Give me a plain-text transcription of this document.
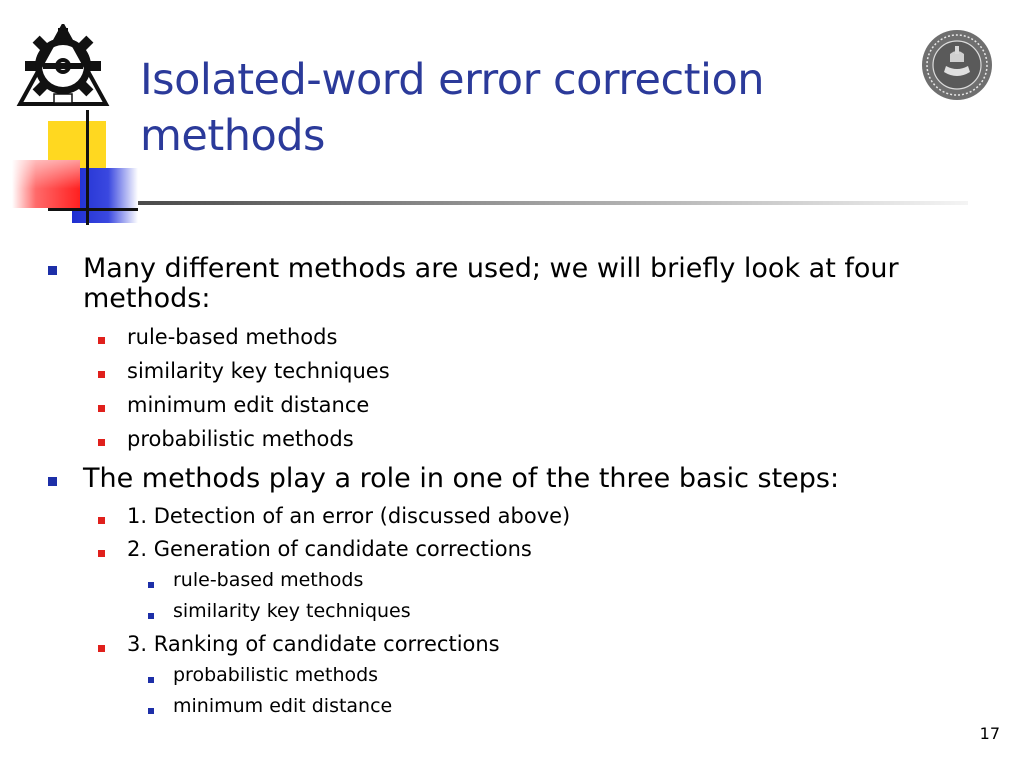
Isolated-word error correction methods
Many different methods are used; we will briefly look at four methods:
rule-based methods
similarity key techniques
minimum edit distance
probabilistic methods
The methods play a role in one of the three basic steps:
1. Detection of an error (discussed above)
2. Generation of candidate corrections
rule-based methods
similarity key techniques
3. Ranking of candidate corrections
probabilistic methods
minimum edit distance
17
